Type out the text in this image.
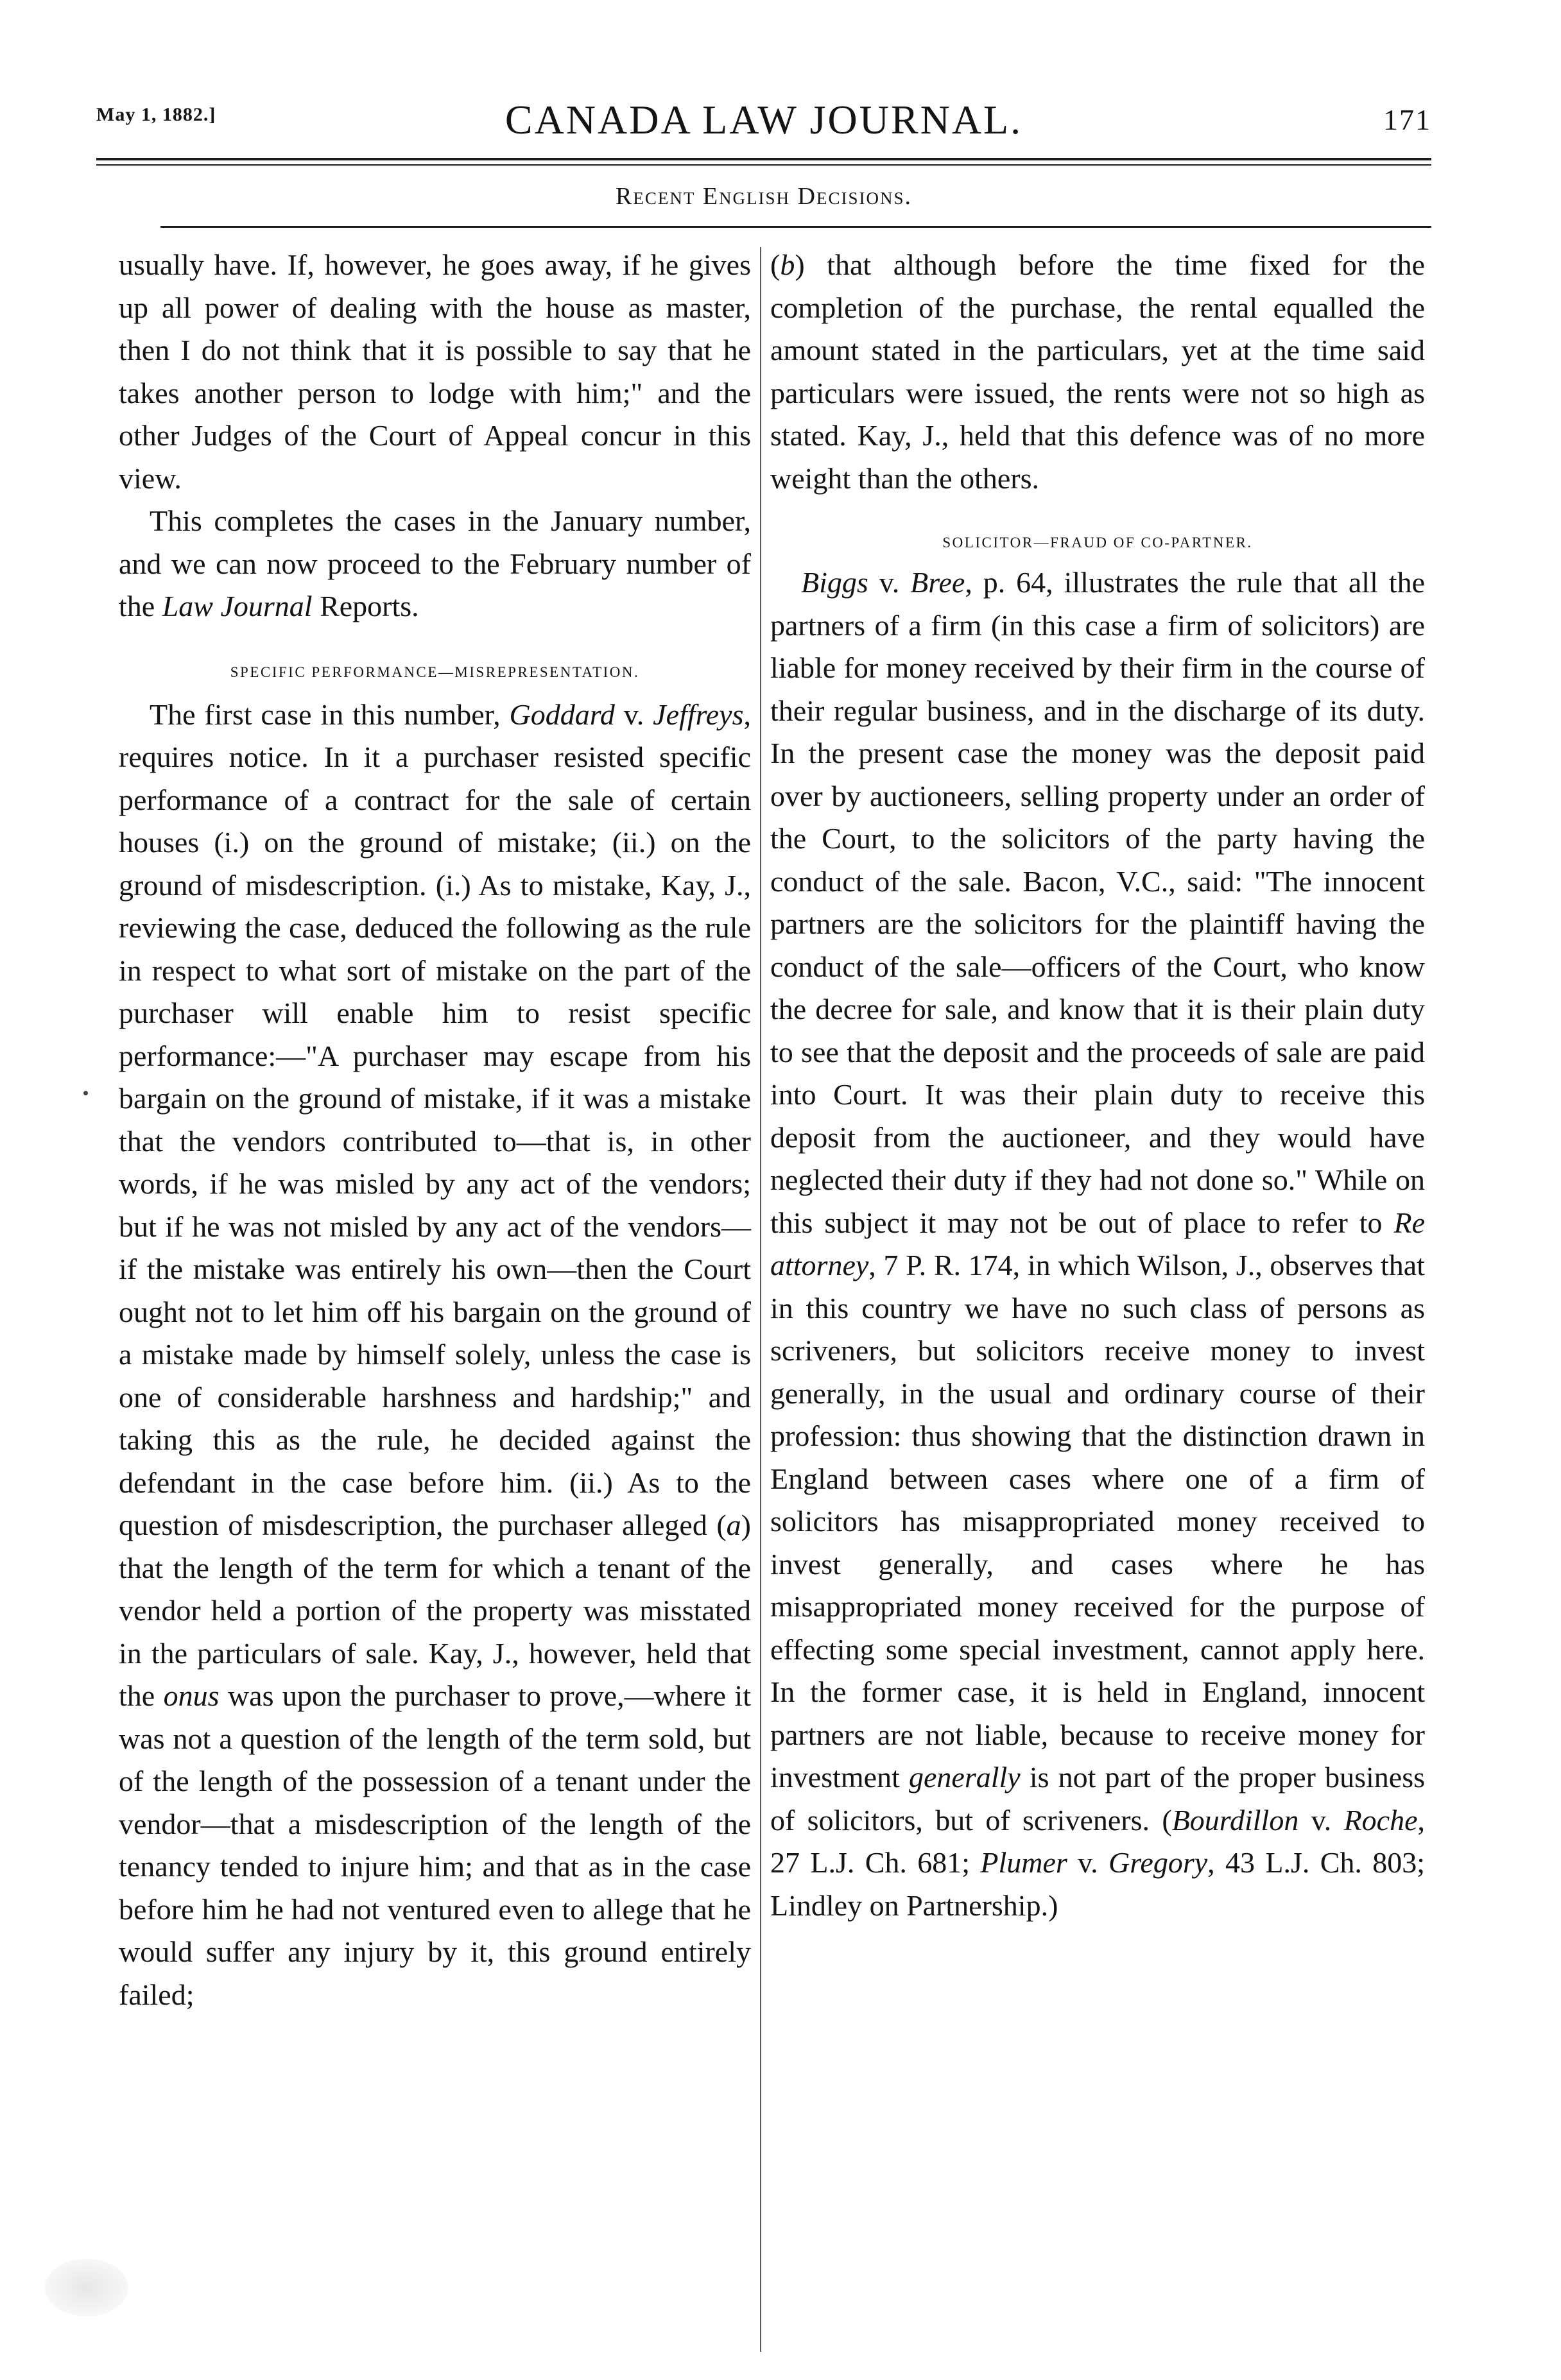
May 1, 1882.]	CANADA LAW JOURNAL.	171
Recent English Decisions.

usually have. If, however, he goes away, if he gives up all power of dealing with the house as master, then I do not think that it is possible to say that he takes another person to lodge with him;" and the other Judges of the Court of Appeal concur in this view.

This completes the cases in the January number, and we can now proceed to the February number of the Law Journal Reports.

SPECIFIC PERFORMANCE—MISREPRESENTATION.

The first case in this number, Goddard v. Jeffreys, requires notice. In it a purchaser resisted specific performance of a contract for the sale of certain houses (i.) on the ground of mistake; (ii.) on the ground of misdescription. (i.) As to mistake, Kay, J., reviewing the case, deduced the following as the rule in respect to what sort of mistake on the part of the purchaser will enable him to resist specific performance:—"A purchaser may escape from his bargain on the ground of mistake, if it was a mistake that the vendors contributed to—that is, in other words, if he was misled by any act of the vendors; but if he was not misled by any act of the vendors—if the mistake was entirely his own—then the Court ought not to let him off his bargain on the ground of a mistake made by himself solely, unless the case is one of considerable harshness and hardship;" and taking this as the rule, he decided against the defendant in the case before him. (ii.) As to the question of misdescription, the purchaser alleged (a) that the length of the term for which a tenant of the vendor held a portion of the property was misstated in the particulars of sale. Kay, J., however, held that the onus was upon the purchaser to prove,—where it was not a question of the length of the term sold, but of the length of the possession of a tenant under the vendor—that a misdescription of the length of the tenancy tended to injure him; and that as in the case before him he had not ventured even to allege that he would suffer any injury by it, this ground entirely failed;

(b) that although before the time fixed for the completion of the purchase, the rental equalled the amount stated in the particulars, yet at the time said particulars were issued, the rents were not so high as stated. Kay, J., held that this defence was of no more weight than the others.

SOLICITOR—FRAUD OF CO-PARTNER.

Biggs v. Bree, p. 64, illustrates the rule that all the partners of a firm (in this case a firm of solicitors) are liable for money received by their firm in the course of their regular business, and in the discharge of its duty. In the present case the money was the deposit paid over by auctioneers, selling property under an order of the Court, to the solicitors of the party having the conduct of the sale. Bacon, V.C., said: "The innocent partners are the solicitors for the plaintiff having the conduct of the sale—officers of the Court, who know the decree for sale, and know that it is their plain duty to see that the deposit and the proceeds of sale are paid into Court. It was their plain duty to receive this deposit from the auctioneer, and they would have neglected their duty if they had not done so." While on this subject it may not be out of place to refer to Re attorney, 7 P. R. 174, in which Wilson, J., observes that in this country we have no such class of persons as scriveners, but solicitors receive money to invest generally, in the usual and ordinary course of their profession: thus showing that the distinction drawn in England between cases where one of a firm of solicitors has misappropriated money received to invest generally, and cases where he has misappropriated money received for the purpose of effecting some special investment, cannot apply here. In the former case, it is held in England, innocent partners are not liable, because to receive money for investment generally is not part of the proper business of solicitors, but of scriveners. (Bourdillon v. Roche, 27 L.J. Ch. 681; Plumer v. Gregory, 43 L.J. Ch. 803; Lindley on Partnership.)
